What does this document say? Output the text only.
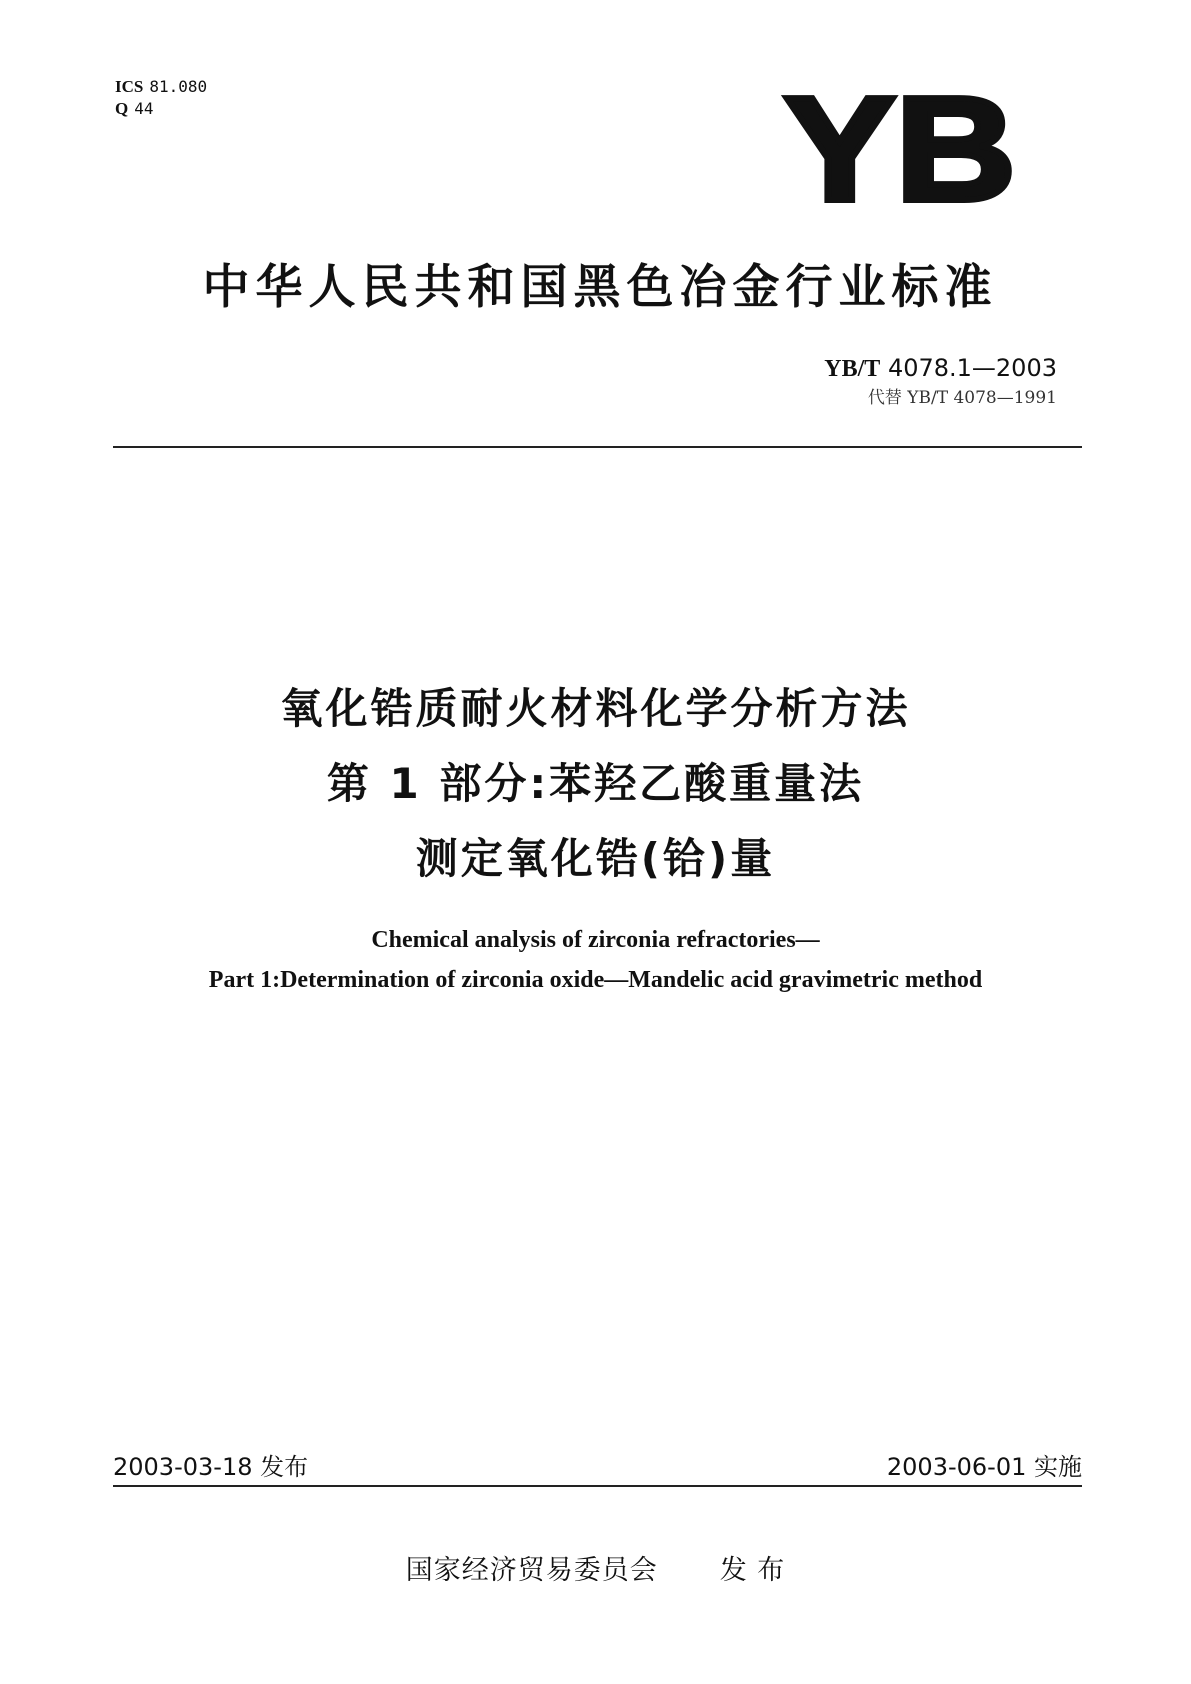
ICS 81.080
Q 44	YB
中华人民共和国黑色冶金行业标准
YB/T 4078.1—2003
代替 YB/T 4078—1991
氧化锆质耐火材料化学分析方法
第 1 部分:苯羟乙酸重量法
测定氧化锆(铪)量
Chemical analysis of zirconia refractories—
Part 1:Determination of zirconia oxide—Mandelic acid gravimetric method
2003-03-18 发布	2003-06-01 实施
国家经济贸易委员会 发 布
